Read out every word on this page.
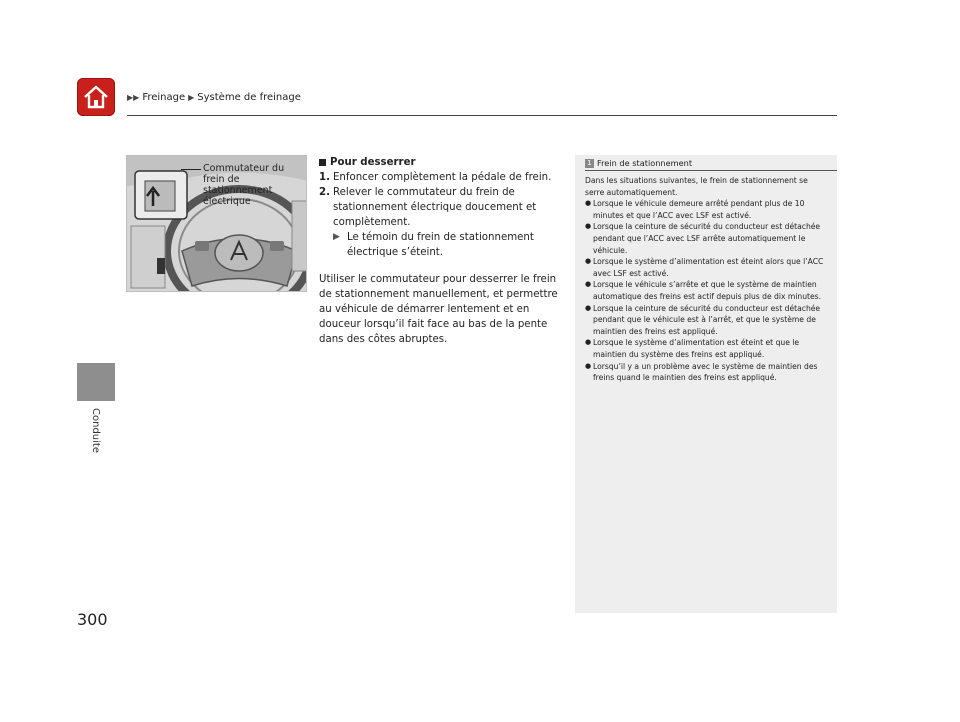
▶▶ Freinage ▶ Système de freinage
Conduite
300
Commutateur du frein de stationnement électrique
Pour desserrer
1. Enfoncer complètement la pédale de frein.
2. Relever le commutateur du frein de stationnement électrique doucement et complètement.
▶ Le témoin du frein de stationnement électrique s’éteint.
Utiliser le commutateur pour desserrer le frein de stationnement manuellement, et permettre au véhicule de démarrer lentement et en douceur lorsqu’il fait face au bas de la pente dans des côtes abruptes.
1 Frein de stationnement
Dans les situations suivantes, le frein de stationnement se serre automatiquement.
● Lorsque le véhicule demeure arrêté pendant plus de 10 minutes et que l’ACC avec LSF est activé.
● Lorsque la ceinture de sécurité du conducteur est détachée pendant que l’ACC avec LSF arrête automatiquement le véhicule.
● Lorsque le système d’alimentation est éteint alors que l’ACC avec LSF est activé.
● Lorsque le véhicule s’arrête et que le système de maintien automatique des freins est actif depuis plus de dix minutes.
● Lorsque la ceinture de sécurité du conducteur est détachée pendant que le véhicule est à l’arrêt, et que le système de maintien des freins est appliqué.
● Lorsque le système d’alimentation est éteint et que le maintien du système des freins est appliqué.
● Lorsqu’il y a un problème avec le système de maintien des freins quand le maintien des freins est appliqué.
